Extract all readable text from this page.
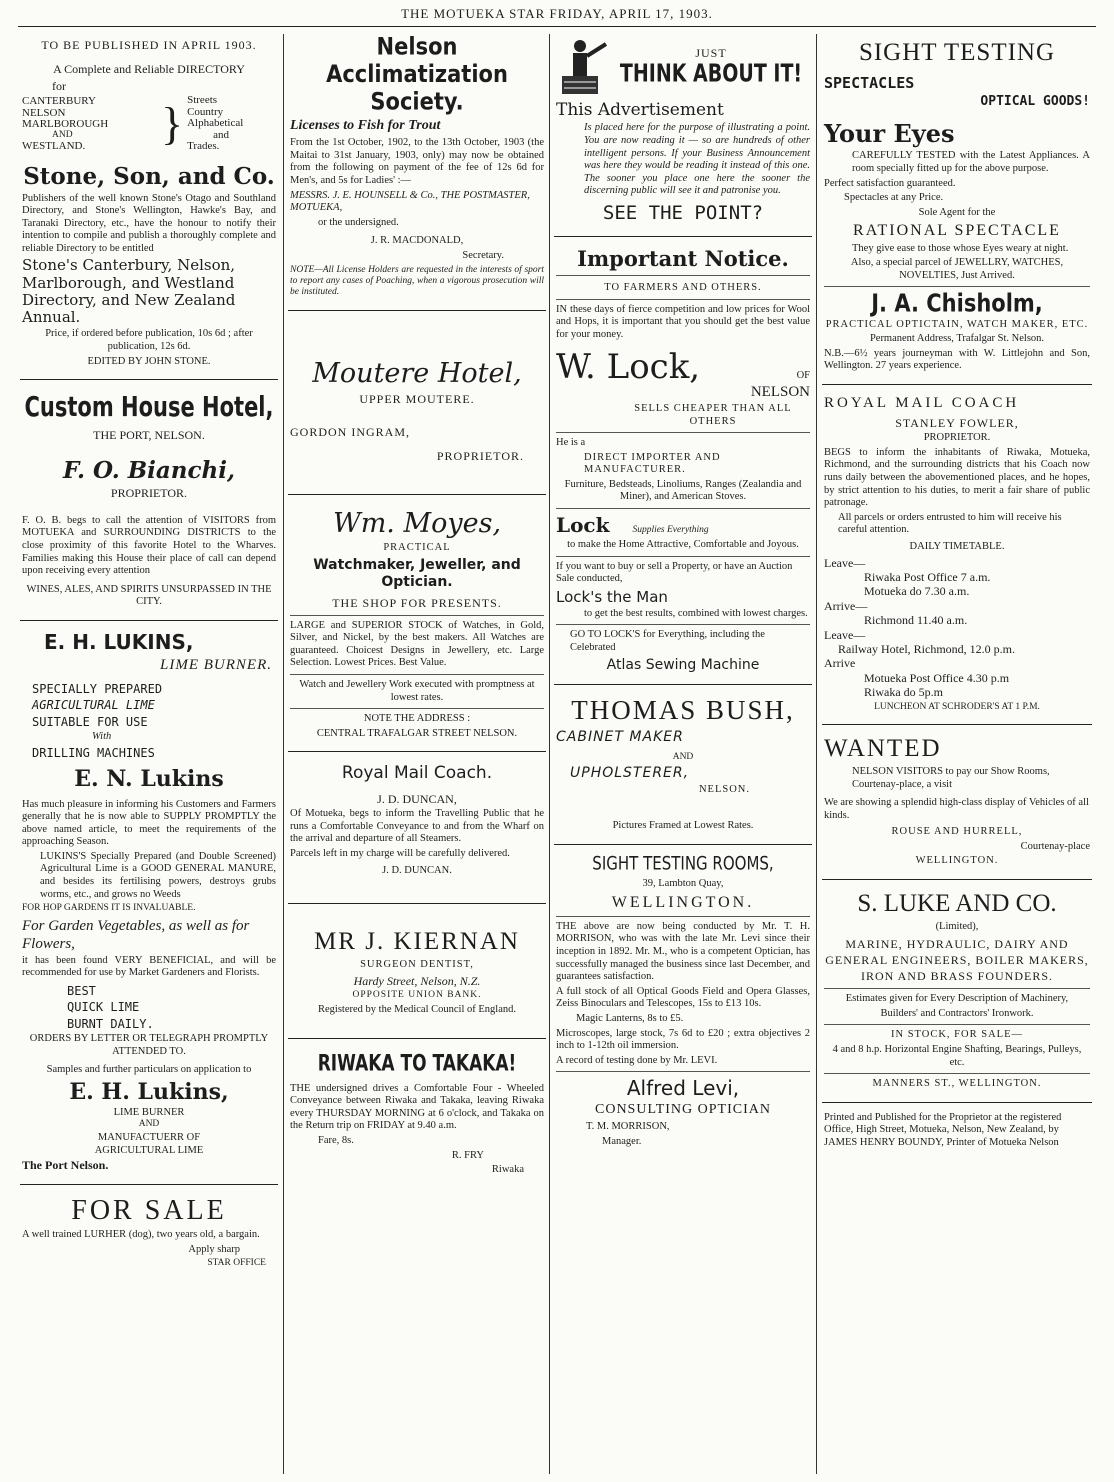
THE MOTUEKA STAR FRIDAY, APRIL 17, 1903.

TO BE PUBLISHED IN APRIL 1903.

A Complete and Reliable DIRECTORY

for

CANTERBURY
NELSON
MARLBOROUGH
AND
WESTLAND.	} Streets
Country
Alphabetical
and
Trades.

Stone, Son, and Co.

Publishers of the well known Stone's Otago and Southland Directory, and Stone's Wellington, Hawke's Bay, and Taranaki Directory, etc., have the honour to notify their intention to compile and publish a thoroughly complete and reliable Directory to be entitled

Stone's Canterbury, Nelson, Marlborough, and Westland Directory, and New Zealand Annual.

Price, if ordered before publication, 10s 6d ; after publication, 12s 6d.

EDITED BY JOHN STONE.

Custom House Hotel,

THE PORT, NELSON.

F. O. Bianchi,

PROPRIETOR.

F. O. B. begs to call the attention of VISITORS from MOTUEKA and SURROUNDING DISTRICTS to the close proximity of this favorite Hotel to the Wharves. Families making this House their place of call can depend upon receiving every attention

WINES, ALES, AND SPIRITS UNSURPASSED IN THE CITY.

E. H. LUKINS,

LIME BURNER.

SPECIALLY PREPARED

AGRICULTURAL LIME

SUITABLE FOR USE

With

DRILLING MACHINES

E. N. Lukins

Has much pleasure in informing his Customers and Farmers generally that he is now able to SUPPLY PROMPTLY the above named article, to meet the requirements of the approaching Season.

LUKINS'S Specially Prepared (and Double Screened) Agricultural Lime is a GOOD GENERAL MANURE, and besides its fertilising powers, destroys grubs worms, etc., and grows no Weeds

FOR HOP GARDENS IT IS INVALUABLE.

For Garden Vegetables, as well as for Flowers,

it has been found VERY BENEFICIAL, and will be recommended for use by Market Gardeners and Florists.

BEST

QUICK LIME

BURNT DAILY.

ORDERS BY LETTER OR TELEGRAPH PROMPTLY ATTENDED TO.

Samples and further particulars on application to

E. H. Lukins,

LIME BURNER

AND

MANUFACTUERR OF

AGRICULTURAL LIME

The Port Nelson.

FOR SALE

A well trained LURHER (dog), two years old, a bargain.

Apply sharp

STAR OFFICE

Nelson Acclimatization Society.

Licenses to Fish for Trout

From the 1st October, 1902, to the 13th October, 1903 (the Maitai to 31st January, 1903, only) may now be obtained from the following on payment of the fee of 12s 6d for Men's, and 5s for Ladies' :—

MESSRS. J. E. HOUNSELL & Co., THE POSTMASTER, MOTUEKA,

or the undersigned.

J. R. MACDONALD,

Secretary.

NOTE—All License Holders are requested in the interests of sport to report any cases of Poaching, when a vigorous prosecution will be instituted.

Moutere Hotel,

UPPER MOUTERE.

GORDON INGRAM,

PROPRIETOR.

Wm. Moyes,

PRACTICAL

Watchmaker, Jeweller, and Optician.

THE SHOP FOR PRESENTS.

LARGE and SUPERIOR STOCK of Watches, in Gold, Silver, and Nickel, by the best makers. All Watches are guaranteed. Choicest Designs in Jewellery, etc. Large Selection. Lowest Prices. Best Value.

Watch and Jewellery Work executed with promptness at lowest rates.

NOTE THE ADDRESS :

CENTRAL TRAFALGAR STREET NELSON.

Royal Mail Coach.

J. D. DUNCAN,

Of Motueka, begs to inform the Travelling Public that he runs a Comfortable Conveyance to and from the Wharf on the arrival and departure of all Steamers.

Parcels left in my charge will be carefully delivered.

J. D. DUNCAN.

MR J. KIERNAN

SURGEON DENTIST,

Hardy Street, Nelson, N.Z.

OPPOSITE UNION BANK.

Registered by the Medical Council of England.

RIWAKA TO TAKAKA!

THE undersigned drives a Comfortable Four - Wheeled Conveyance between Riwaka and Takaka, leaving Riwaka every THURSDAY MORNING at 6 o'clock, and Takaka on the Return trip on FRIDAY at 9.40 a.m.

Fare, 8s.

R. FRY

Riwaka

JUST

THINK ABOUT IT!

This Advertisement

Is placed here for the purpose of illustrating a point. You are now reading it — so are hundreds of other intelligent persons. If your Business Announcement was here they would be reading it instead of this one. The sooner you place one here the sooner the discerning public will see it and patronise you.

SEE THE POINT?

Important Notice.

TO FARMERS AND OTHERS.

IN these days of fierce competition and low prices for Wool and Hops, it is important that you should get the best value for your money.

W. Lock,	OF
NELSON

SELLS CHEAPER THAN ALL OTHERS

He is a

DIRECT IMPORTER AND MANUFACTURER.

Furniture, Bedsteads, Linoliums, Ranges (Zealandia and Miner), and American Stoves.

Lock Supplies Everything

to make the Home Attractive, Comfortable and Joyous.

If you want to buy or sell a Property, or have an Auction Sale conducted,

Lock's the Man

to get the best results, combined with lowest charges.

GO TO LOCK'S for Everything, including the Celebrated

Atlas Sewing Machine

THOMAS BUSH,

CABINET MAKER

AND

UPHOLSTERER,

NELSON.

Pictures Framed at Lowest Rates.

SIGHT TESTING ROOMS,

39, Lambton Quay,

WELLINGTON.

THE above are now being conducted by Mr. T. H. MORRISON, who was with the late Mr. Levi since their inception in 1892. Mr. M., who is a competent Optician, has successfully managed the business since last December, and guarantees satisfaction.

A full stock of all Optical Goods Field and Opera Glasses, Zeiss Binoculars and Telescopes, 15s to £13 10s.

Magic Lanterns, 8s to £5.

Microscopes, large stock, 7s 6d to £20 ; extra objectives 2 inch to 1-12th oil immersion.

A record of testing done by Mr. LEVI.

Alfred Levi,

CONSULTING OPTICIAN

T. M. MORRISON,

Manager.

SIGHT TESTING

SPECTACLES

OPTICAL GOODS!

Your Eyes

CAREFULLY TESTED with the Latest Appliances. A room specially fitted up for the above purpose.

Perfect satisfaction guaranteed.

Spectacles at any Price.

Sole Agent for the

RATIONAL SPECTACLE

They give ease to those whose Eyes weary at night.

Also, a special parcel of JEWELLRY, WATCHES, NOVELTIES, Just Arrived.

J. A. Chisholm,

PRACTICAL OPTICTAIN, WATCH MAKER, ETC.

Permanent Address, Trafalgar St. Nelson.

N.B.—6½ years journeyman with W. Littlejohn and Son, Wellington. 27 years experience.

ROYAL MAIL COACH

STANLEY FOWLER,

PROPRIETOR.

BEGS to inform the inhabitants of Riwaka, Motueka, Richmond, and the surrounding districts that his Coach now runs daily between the abovementioned places, and he hopes, by strict attention to his duties, to merit a fair share of public patronage.

All parcels or orders entrusted to him will receive his careful attention.

DAILY TIMETABLE.

Leave—
Riwaka Post Office 7 a.m.
Motueka do 7.30 a.m.
Arrive—
Richmond 11.40 a.m.
Leave—
Railway Hotel, Richmond, 12.0 p.m.
Arrive
Motueka Post Office 4.30 p.m
Riwaka do 5p.m

LUNCHEON AT SCHRODER'S AT 1 P.M.

WANTED

NELSON VISITORS to pay our Show Rooms, Courtenay-place, a visit

We are showing a splendid high-class display of Vehicles of all kinds.

ROUSE AND HURRELL,

Courtenay-place

WELLINGTON.

S. LUKE AND CO.

(Limited),

MARINE, HYDRAULIC, DAIRY AND GENERAL ENGINEERS, BOILER MAKERS, IRON AND BRASS FOUNDERS.

Estimates given for Every Description of Machinery,

Builders' and Contractors' Ironwork.

IN STOCK, FOR SALE—

4 and 8 h.p. Horizontal Engine Shafting, Bearings, Pulleys, etc.

MANNERS ST., WELLINGTON.

Printed and Published for the Proprietor at the registered Office, High Street, Motueka, Nelson, New Zealand, by JAMES HENRY BOUNDY, Printer of Motueka Nelson
